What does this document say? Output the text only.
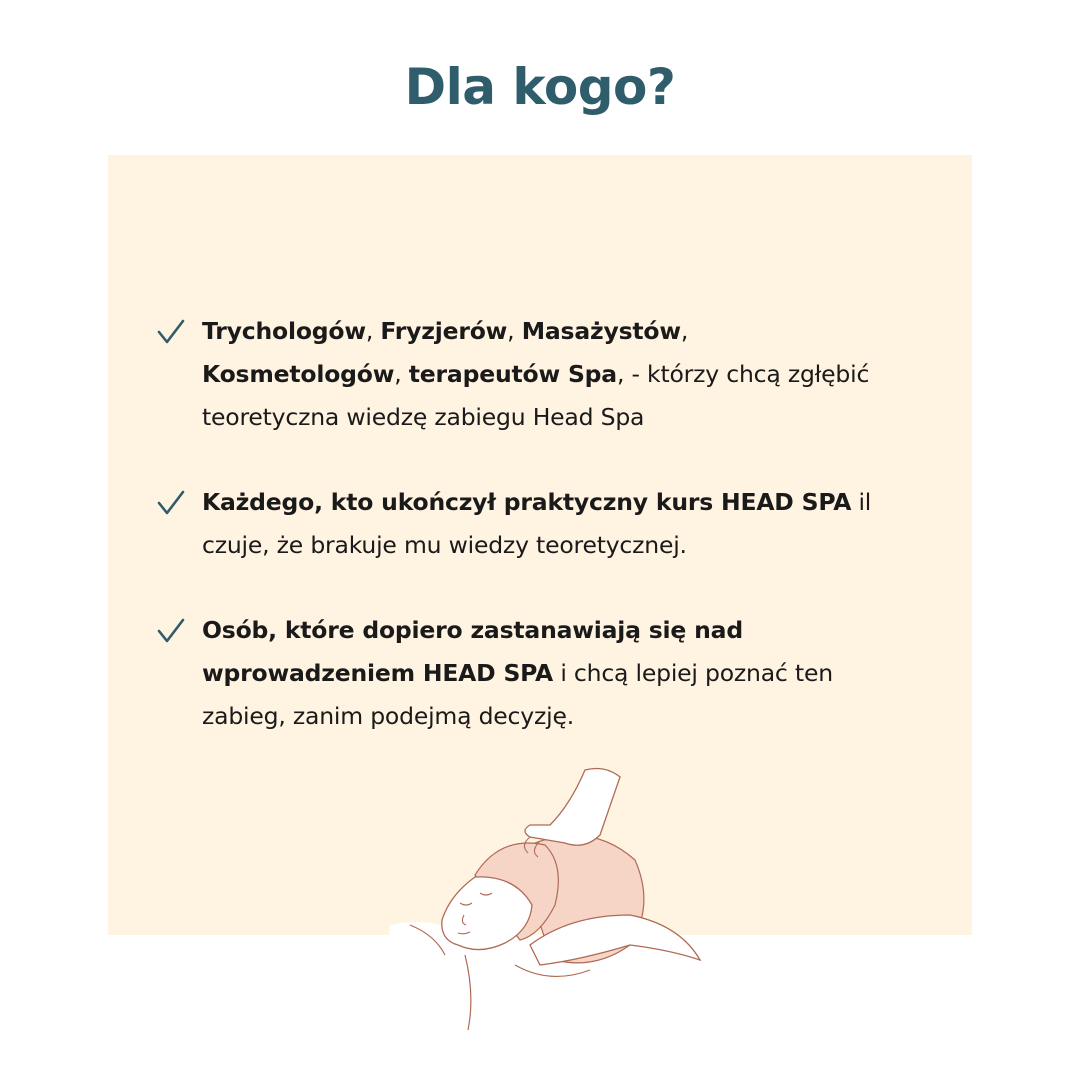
Dla kogo?
Trychologów, Fryzjerów, Masażystów,
Kosmetologów, terapeutów Spa, - którzy chcą zgłębić teoretyczna wiedzę zabiegu Head Spa
Każdego, kto ukończył praktyczny kurs HEAD SPA il czuje, że brakuje mu wiedzy teoretycznej.
Osób, które dopiero zastanawiają się nad wprowadzeniem HEAD SPA i chcą lepiej poznać ten zabieg, zanim podejmą decyzję.
